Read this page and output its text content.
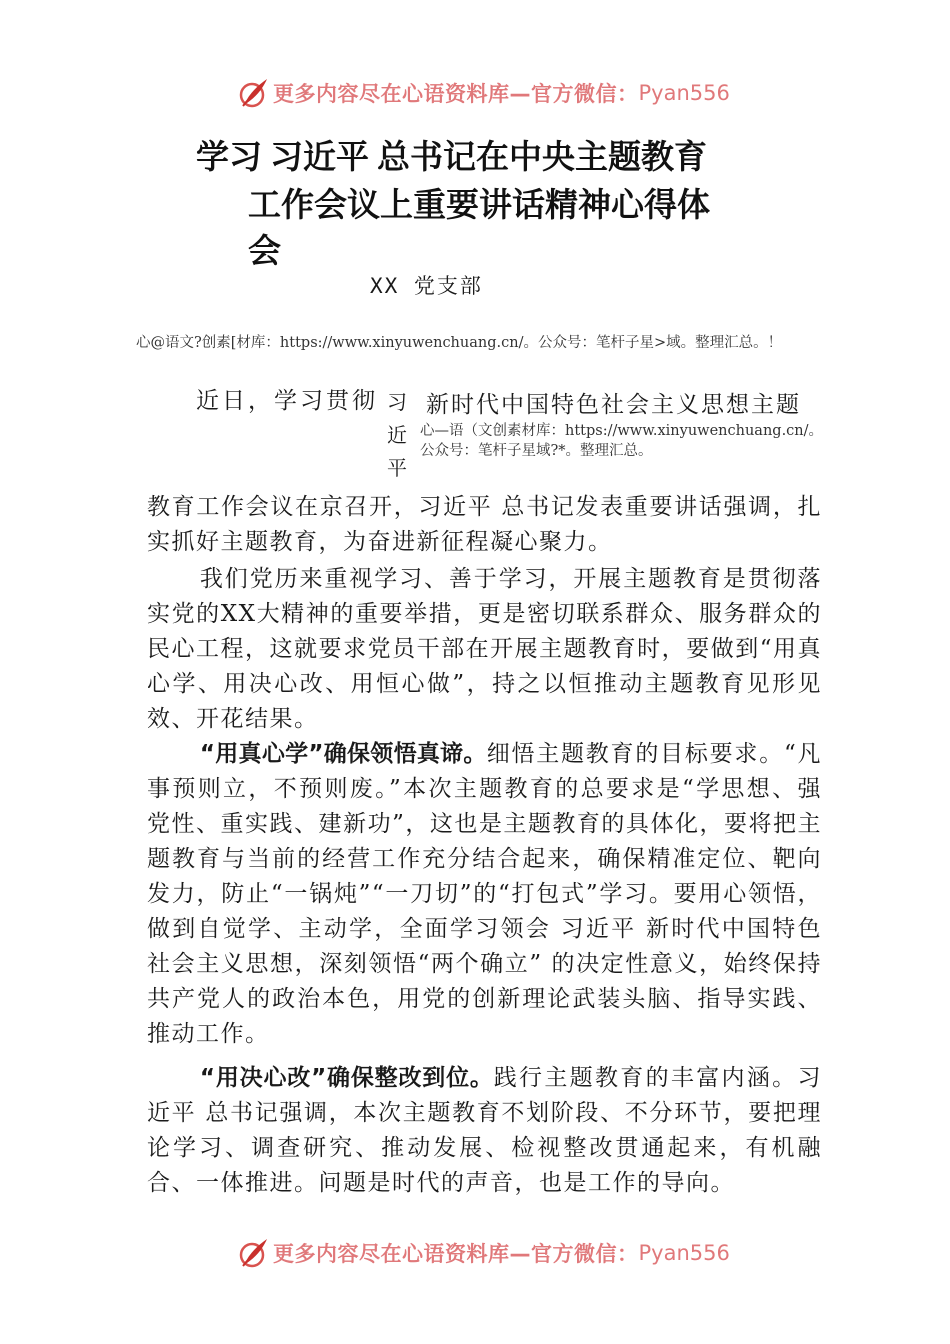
更多内容尽在心语资料库—官方微信： Pyan556
学习 习近平 总书记在中央主题教育
工作会议上重要讲话精神心得体
会
XX 党支部
心@语文?创素[材库：https://www.xinyuwenchuang.cn/。公众号：笔杆子星>域。整理汇总。！
近日，学习贯彻 习
近
平
新时代中国特色社会主义思想主题
心—语（文创素材库：https://www.xinyuwenchuang.cn/。公众号：笔杆子星域?*。整理汇总。

教育工作会议在京召开，习近平 总书记发表重要讲话强调，扎实抓好主题教育，为奋进新征程凝心聚力。

我们党历来重视学习、善于学习，开展主题教育是贯彻落实党的XX大精神的重要举措，更是密切联系群众、服务群众的民心工程，这就要求党员干部在开展主题教育时，要做到“用真心学、用决心改、用恒心做”，持之以恒推动主题教育见形见效、开花结果。

“用真心学”确保领悟真谛。细悟主题教育的目标要求。“凡事预则立，不预则废。”本次主题教育的总要求是“学思想、强党性、重实践、建新功”，这也是主题教育的具体化，要将把主题教育与当前的经营工作充分结合起来，确保精准定位、靶向发力，防止“一锅炖”“一刀切”的“打包式”学习。要用心领悟，做到自觉学、主动学，全面学习领会 习近平 新时代中国特色社会主义思想，深刻领悟“两个确立” 的决定性意义，始终保持共产党人的政治本色，用党的创新理论武装头脑、指导实践、推动工作。

“用决心改”确保整改到位。践行主题教育的丰富内涵。习近平 总书记强调，本次主题教育不划阶段、不分环节，要把理论学习、调查研究、推动发展、检视整改贯通起来，有机融合、一体推进。问题是时代的声音，也是工作的导向。

更多内容尽在心语资料库—官方微信： Pyan556
